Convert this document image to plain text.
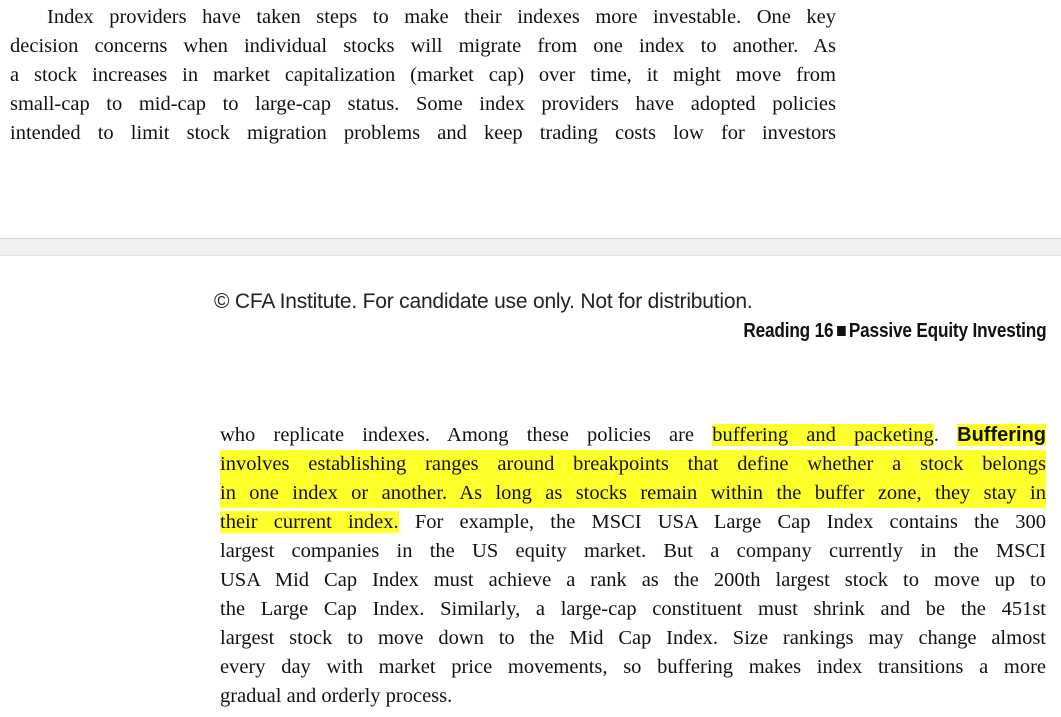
Index providers have taken steps to make their indexes more investable. One key
decision concerns when individual stocks will migrate from one index to another. As
a stock increases in market capitalization (market cap) over time, it might move from
small-cap to mid-cap to large-cap status. Some index providers have adopted policies
intended to limit stock migration problems and keep trading costs low for investors
© CFA Institute. For candidate use only. Not for distribution.
Reading 16 Passive Equity Investing
who replicate indexes. Among these policies are buffering and packeting. Buffering
involves establishing ranges around breakpoints that define whether a stock belongs
in one index or another. As long as stocks remain within the buffer zone, they stay in
their current index. For example, the MSCI USA Large Cap Index contains the 300
largest companies in the US equity market. But a company currently in the MSCI
USA Mid Cap Index must achieve a rank as the 200th largest stock to move up to
the Large Cap Index. Similarly, a large-cap constituent must shrink and be the 451st
largest stock to move down to the Mid Cap Index. Size rankings may change almost
every day with market price movements, so buffering makes index transitions a more
gradual and orderly process.
